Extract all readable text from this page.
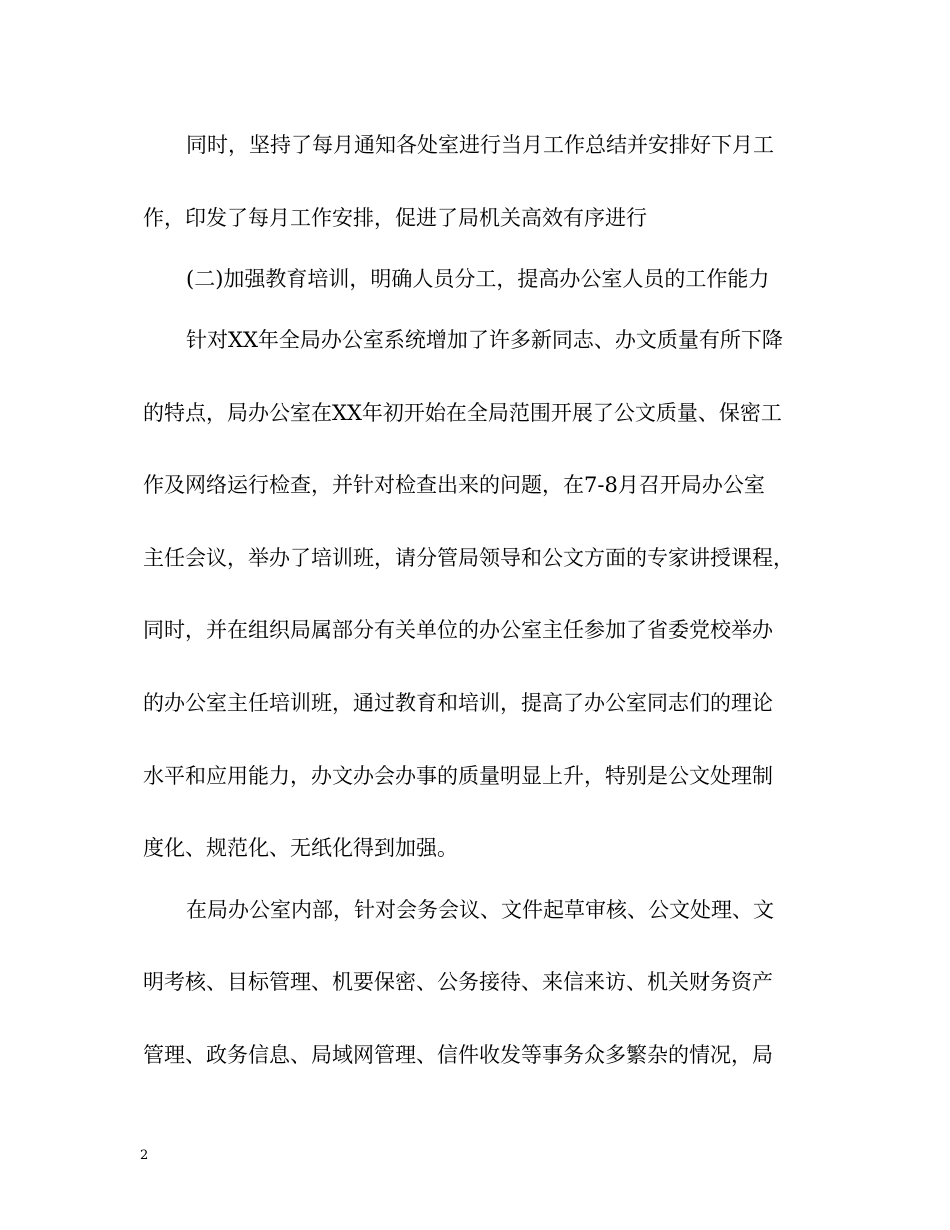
同时，坚持了每月通知各处室进行当月工作总结并安排好下月工
作，印发了每月工作安排，促进了局机关高效有序进行
(二)加强教育培训，明确人员分工，提高办公室人员的工作能力
针对XX年全局办公室系统增加了许多新同志、办文质量有所下降
的特点，局办公室在XX年初开始在全局范围开展了公文质量、保密工
作及网络运行检查，并针对检查出来的问题，在7-8月召开局办公室
主任会议，举办了培训班，请分管局领导和公文方面的专家讲授课程，
同时，并在组织局属部分有关单位的办公室主任参加了省委党校举办
的办公室主任培训班，通过教育和培训，提高了办公室同志们的理论
水平和应用能力，办文办会办事的质量明显上升，特别是公文处理制
度化、规范化、无纸化得到加强。
在局办公室内部，针对会务会议、文件起草审核、公文处理、文
明考核、目标管理、机要保密、公务接待、来信来访、机关财务资产
管理、政务信息、局域网管理、信件收发等事务众多繁杂的情况，局
2
